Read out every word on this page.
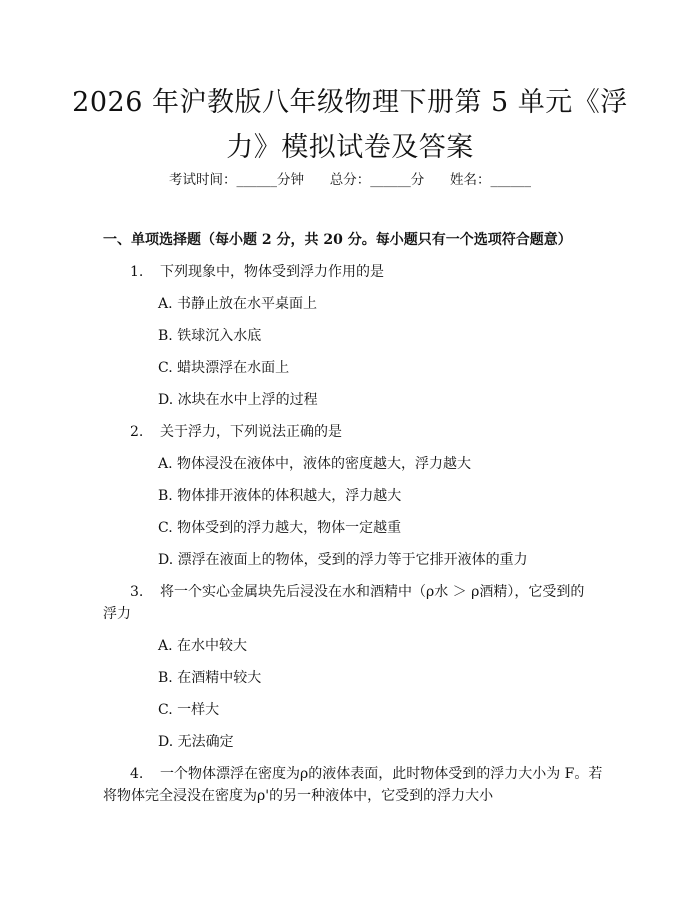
2026 年沪教版八年级物理下册第 5 单元《浮
力》模拟试卷及答案
考试时间：______分钟 总分：______分 姓名：______
一、单项选择题（每小题 2 分，共 20 分。每小题只有一个选项符合题意）
1. 下列现象中，物体受到浮力作用的是
A. 书静止放在水平桌面上
B. 铁球沉入水底
C. 蜡块漂浮在水面上
D. 冰块在水中上浮的过程
2. 关于浮力，下列说法正确的是
A. 物体浸没在液体中，液体的密度越大，浮力越大
B. 物体排开液体的体积越大，浮力越大
C. 物体受到的浮力越大，物体一定越重
D. 漂浮在液面上的物体，受到的浮力等于它排开液体的重力
3. 将一个实心金属块先后浸没在水和酒精中（ρ水 ＞ ρ酒精），它受到的
浮力
A. 在水中较大
B. 在酒精中较大
C. 一样大
D. 无法确定
4. 一个物体漂浮在密度为ρ的液体表面，此时物体受到的浮力大小为 F。若
将物体完全浸没在密度为ρ'的另一种液体中，它受到的浮力大小
